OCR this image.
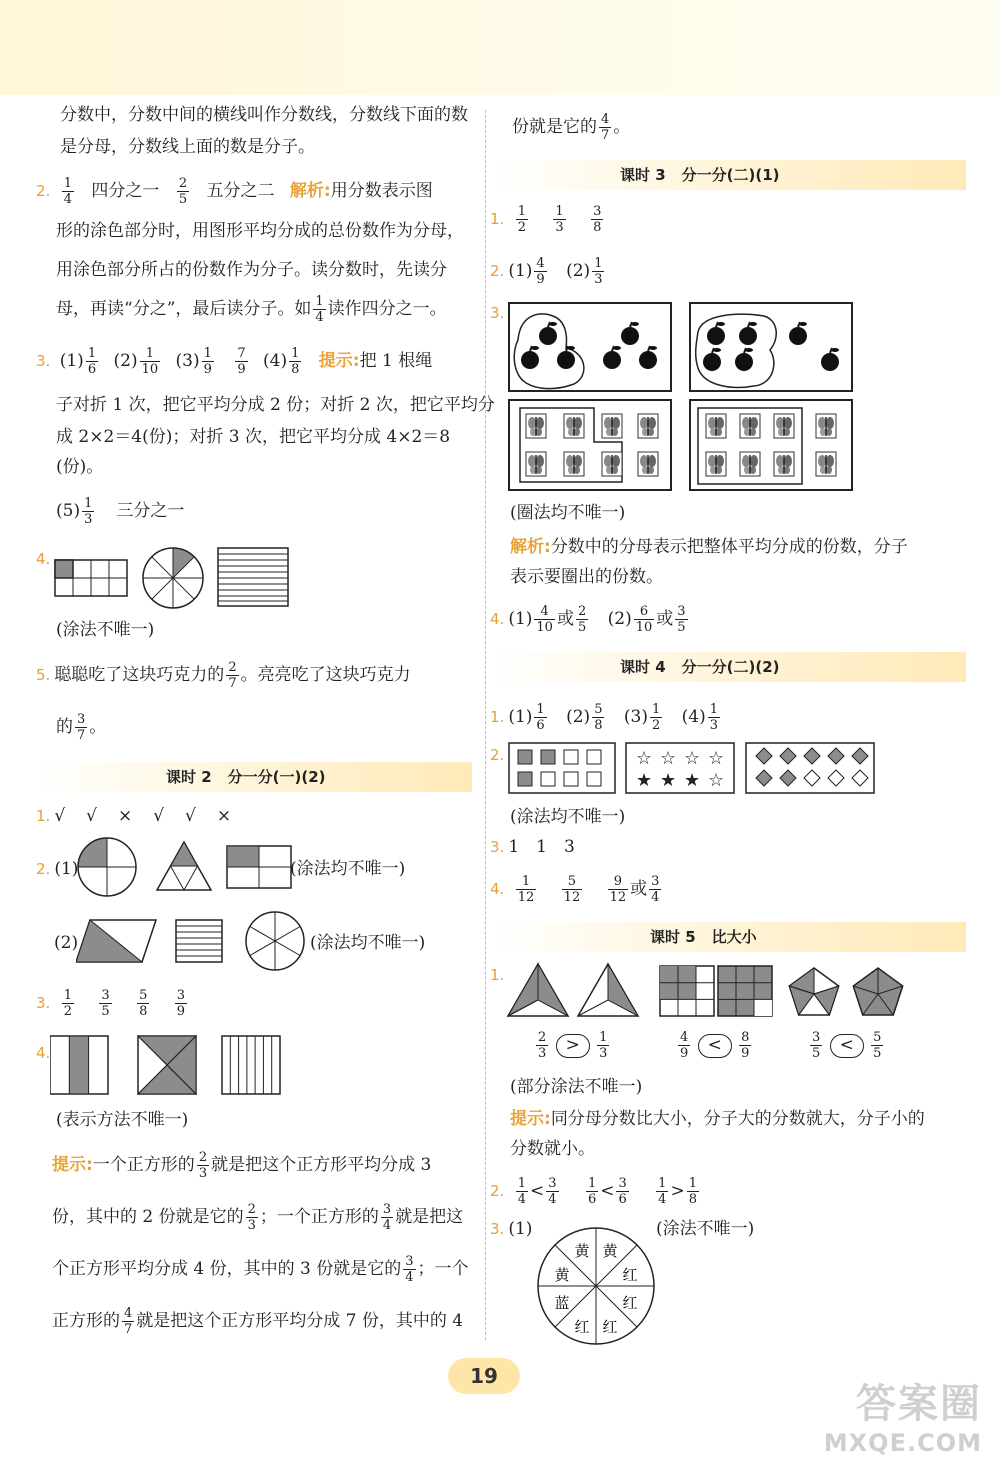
分数中，分数中间的横线叫作分数线，分数线下面的数
是分母，分数线上面的数是分子。
2. $\frac{1}{4}$ 四分之一 $\frac{2}{5}$ 五分之二 解析:用分数表示图
形的涂色部分时，用图形平均分成的总份数作为分母，
用涂色部分所占的份数作为分子。读分数时，先读分
母，再读“分之”，最后读分子。如 $\frac{1}{4}$ 读作四分之一。
3. $(1) \frac{1}{6} (2) \frac{1}{10} (3) \frac{1}{9}$
$\frac{7}{9} (4) \frac{1}{8}$ 提示:把 1 根绳
子对折 1 次，把它平均分成 2 份；对折 2 次，把它平均分
成 2×2＝4(份)；对折 3 次，把它平均分成 4×2＝8
(份)。
$(5) \frac{1}{3}$ 三分之一
4.
(涂法不唯一)
5. 聪聪吃了这块巧克力的 $\frac{2}{7}$ 。亮亮吃了这块巧克力
的 $\frac{3}{7}$ 。
课时 2 分一分(一)(2)
1. √　√　×　√　√　×
2. (1)	(涂法均不唯一)
(2)	(涂法均不唯一)
3. $\frac{1}{2}$
$\frac{3}{5}$
$\frac{5}{8}$
$\frac{3}{9}$
4.
(表示方法不唯一)
提示:一个正方形的 $\frac{2}{3}$ 就是把这个正方形平均分成 3
份，其中的 2 份就是它的 $\frac{2}{3}$ ；一个正方形的 $\frac{3}{4}$ 就是把这
个正方形平均分成 4 份，其中的 3 份就是它的 $\frac{3}{4}$ ；一个
正方形的 $\frac{4}{7}$ 就是把这个正方形平均分成 7 份，其中的 4
份就是它的 $\frac{4}{7}$ 。
课时 3 分一分(二)(1)
1. $\frac{1}{2}$
$\frac{1}{3}$
$\frac{3}{8}$
2. $(1) \frac{4}{9} (2) \frac{1}{3}$
3.
(圈法均不唯一)
解析:分数中的分母表示把整体平均分成的份数，分子
表示要圈出的份数。
4. $(1) \frac{4}{10}$ 或 $\frac{2}{5} (2) \frac{6}{10}$ 或 $\frac{3}{5}$
课时 4 分一分(二)(2)
1. $(1) \frac{1}{6} (2) \frac{5}{8} (3) \frac{1}{2} (4) \frac{1}{3}$
2.	☆ ☆ ☆ ☆
★ ★ ★ ☆
(涂法均不唯一)
3. 1　1　3
4. $\frac{1}{12}$
$\frac{5}{12}$
$\frac{9}{12}$ 或 $\frac{3}{4}$
课时 5 比大小
1.
$\frac{2}{3} > \frac{1}{3}$	$\frac{4}{9} < \frac{8}{9}$	$\frac{3}{5} < \frac{5}{5}$
(部分涂法不唯一)
提示:同分母分数比大小，分子大的分数就大，分子小的
分数就小。
2. $\frac{1}{4} < \frac{3}{4}$
$\frac{1}{6} < \frac{3}{6}$
$\frac{1}{4} > \frac{1}{8}$
3. (1)	(涂法不唯一)
黄
红
红
红
红
蓝
黄
黄
19
答案圈
MXQE.COM
